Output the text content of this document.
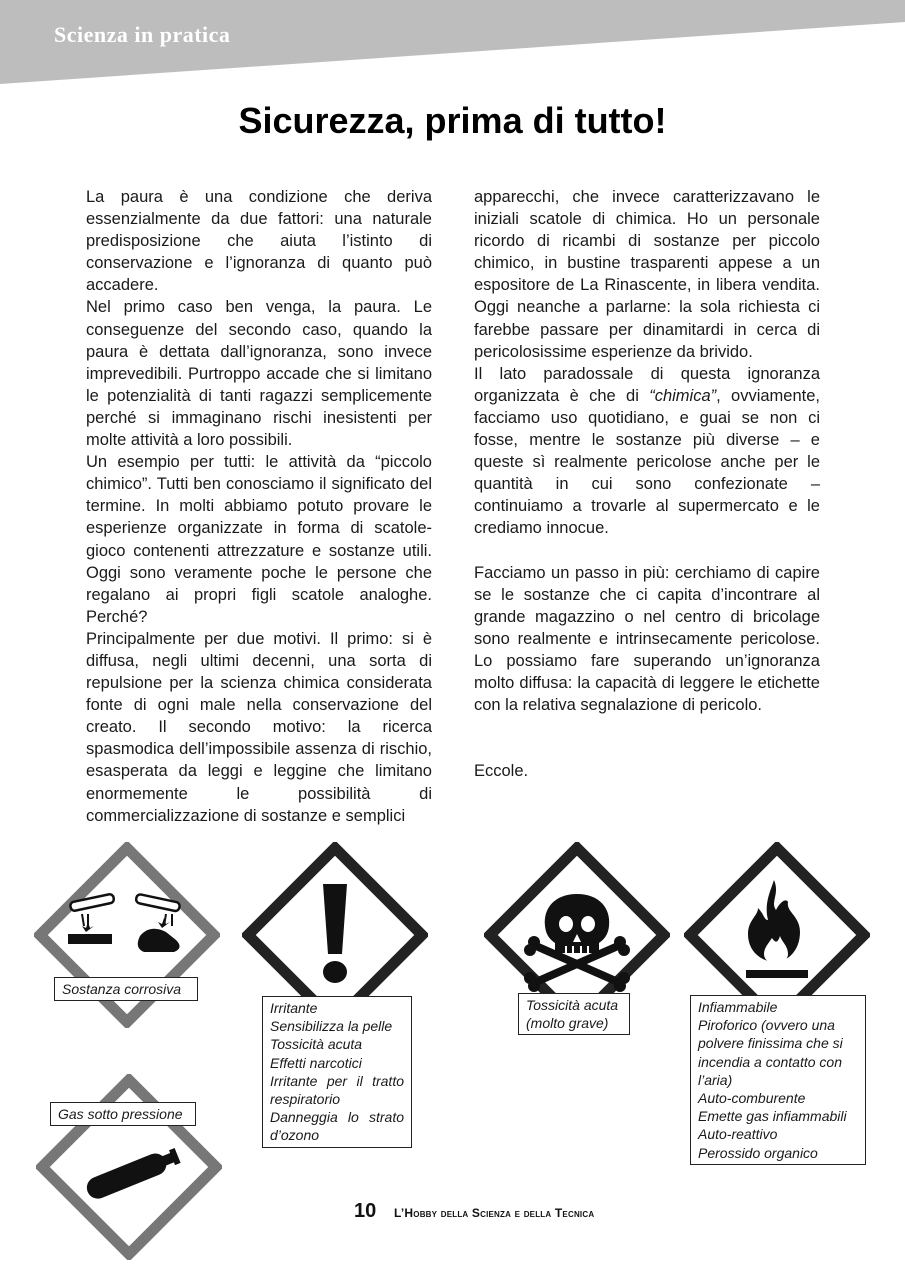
Scienza in pratica
Sicurezza, prima di tutto!

La paura è una condizione che deriva essenzialmente da due fattori: una naturale predisposizione che aiuta l’istinto di conservazione e l’ignoranza di quanto può accadere.

Nel primo caso ben venga, la paura. Le conseguenze del secondo caso, quando la paura è dettata dall’ignoranza, sono invece imprevedibili. Purtroppo accade che si limitano le potenzialità di tanti ragazzi semplicemente perché si immaginano rischi inesistenti per molte attività a loro possibili.

Un esempio per tutti: le attività da “piccolo chimico”. Tutti ben conosciamo il significato del termine. In molti abbiamo potuto provare le esperienze organizzate in forma di scatole-gioco contenenti attrezzature e sostanze utili. Oggi sono veramente poche le persone che regalano ai propri figli scatole analoghe. Perché?

Principalmente per due motivi. Il primo: si è diffusa, negli ultimi decenni, una sorta di repulsione per la scienza chimica considerata fonte di ogni male nella conservazione del creato. Il secondo motivo: la ricerca spasmodica dell’impossibile assenza di rischio, esasperata da leggi e leggine che limitano enormemente le possibilità di commercializzazione di sostanze e semplici

apparecchi, che invece caratterizzavano le iniziali scatole di chimica. Ho un personale ricordo di ricambi di sostanze per piccolo chimico, in bustine trasparenti appese a un espositore de La Rinascente, in libera vendita. Oggi neanche a parlarne: la sola richiesta ci farebbe passare per dinamitardi in cerca di pericolosissime esperienze da brivido.

Il lato paradossale di questa ignoranza organizzata è che di “chimica”, ovviamente, facciamo uso quotidiano, e guai se non ci fosse, mentre le sostanze più diverse – e queste sì realmente pericolose anche per le quantità in cui sono confezionate – continuiamo a trovarle al supermercato e le crediamo innocue.

Facciamo un passo in più: cerchiamo di capire se le sostanze che ci capita d’incontrare al grande magazzino o nel centro di bricolage sono realmente e intrinsecamente pericolose. Lo possiamo fare superando un’ignoranza molto diffusa: la capacità di leggere le etichette con la relativa segnalazione di pericolo.

Eccole.

Sostanza corrosiva
Irritante
Sensibilizza la pelle
Tossicità acuta
Effetti narcotici
Irritante per il tratto respiratorio
Danneggia lo strato d’ozono
Tossicità acuta
(molto grave)
Infiammabile
Piroforico (ovvero una polvere finissima che si incendia a contatto con l’aria)
Auto-comburente
Emette gas infiammabili
Auto-reattivo
Perossido organico
Gas sotto pressione
10 L’Hobby della Scienza e della Tecnica
